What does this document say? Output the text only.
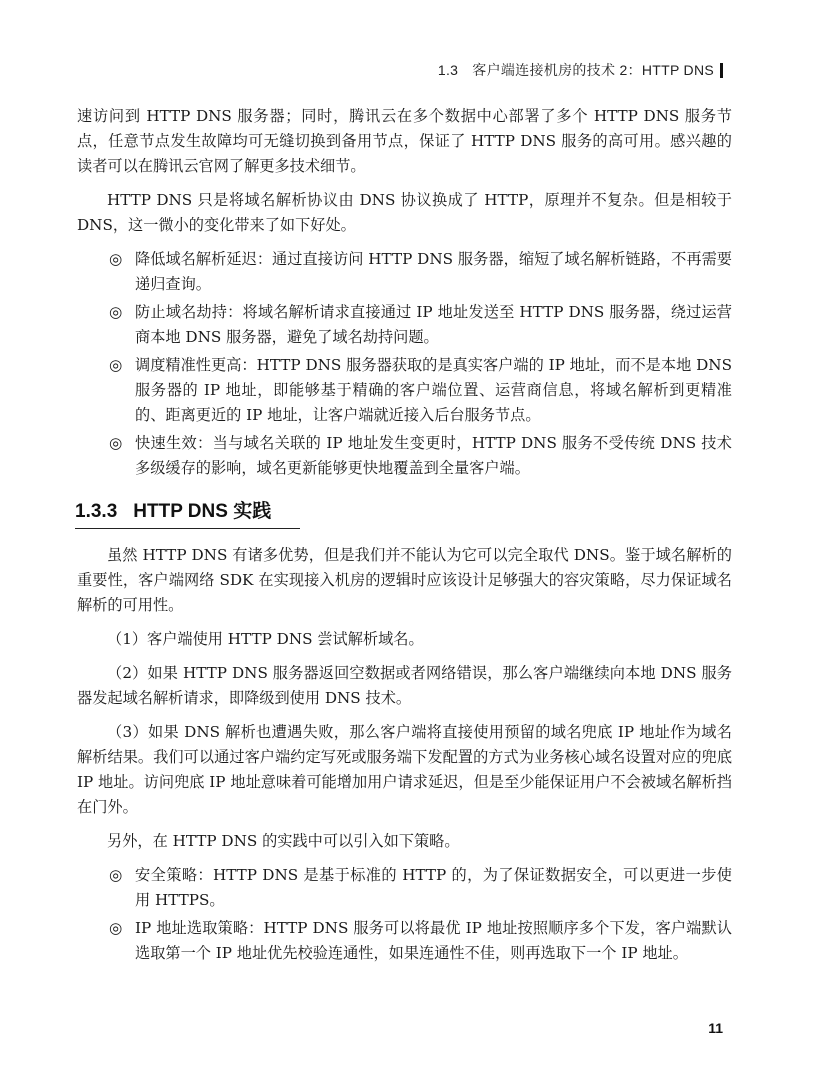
1.3 客户端连接机房的技术 2：HTTP DNS

速访问到 HTTP DNS 服务器；同时，腾讯云在多个数据中心部署了多个 HTTP DNS 服务节点，任意节点发生故障均可无缝切换到备用节点，保证了 HTTP DNS 服务的高可用。感兴趣的读者可以在腾讯云官网了解更多技术细节。

HTTP DNS 只是将域名解析协议由 DNS 协议换成了 HTTP，原理并不复杂。但是相较于 DNS，这一微小的变化带来了如下好处。

◎ 降低域名解析延迟：通过直接访问 HTTP DNS 服务器，缩短了域名解析链路，不再需要递归查询。
◎ 防止域名劫持：将域名解析请求直接通过 IP 地址发送至 HTTP DNS 服务器，绕过运营商本地 DNS 服务器，避免了域名劫持问题。
◎ 调度精准性更高：HTTP DNS 服务器获取的是真实客户端的 IP 地址，而不是本地 DNS 服务器的 IP 地址，即能够基于精确的客户端位置、运营商信息，将域名解析到更精准的、距离更近的 IP 地址，让客户端就近接入后台服务节点。
◎ 快速生效：当与域名关联的 IP 地址发生变更时，HTTP DNS 服务不受传统 DNS 技术多级缓存的影响，域名更新能够更快地覆盖到全量客户端。
1.3.3 HTTP DNS 实践

虽然 HTTP DNS 有诸多优势，但是我们并不能认为它可以完全取代 DNS。鉴于域名解析的重要性，客户端网络 SDK 在实现接入机房的逻辑时应该设计足够强大的容灾策略，尽力保证域名解析的可用性。

（1）客户端使用 HTTP DNS 尝试解析域名。

（2）如果 HTTP DNS 服务器返回空数据或者网络错误，那么客户端继续向本地 DNS 服务器发起域名解析请求，即降级到使用 DNS 技术。

（3）如果 DNS 解析也遭遇失败，那么客户端将直接使用预留的域名兜底 IP 地址作为域名解析结果。我们可以通过客户端约定写死或服务端下发配置的方式为业务核心域名设置对应的兜底 IP 地址。访问兜底 IP 地址意味着可能增加用户请求延迟，但是至少能保证用户不会被域名解析挡在门外。

另外，在 HTTP DNS 的实践中可以引入如下策略。

◎ 安全策略：HTTP DNS 是基于标准的 HTTP 的，为了保证数据安全，可以更进一步使用 HTTPS。
◎ IP 地址选取策略：HTTP DNS 服务可以将最优 IP 地址按照顺序多个下发，客户端默认选取第一个 IP 地址优先校验连通性，如果连通性不佳，则再选取下一个 IP 地址。
11
